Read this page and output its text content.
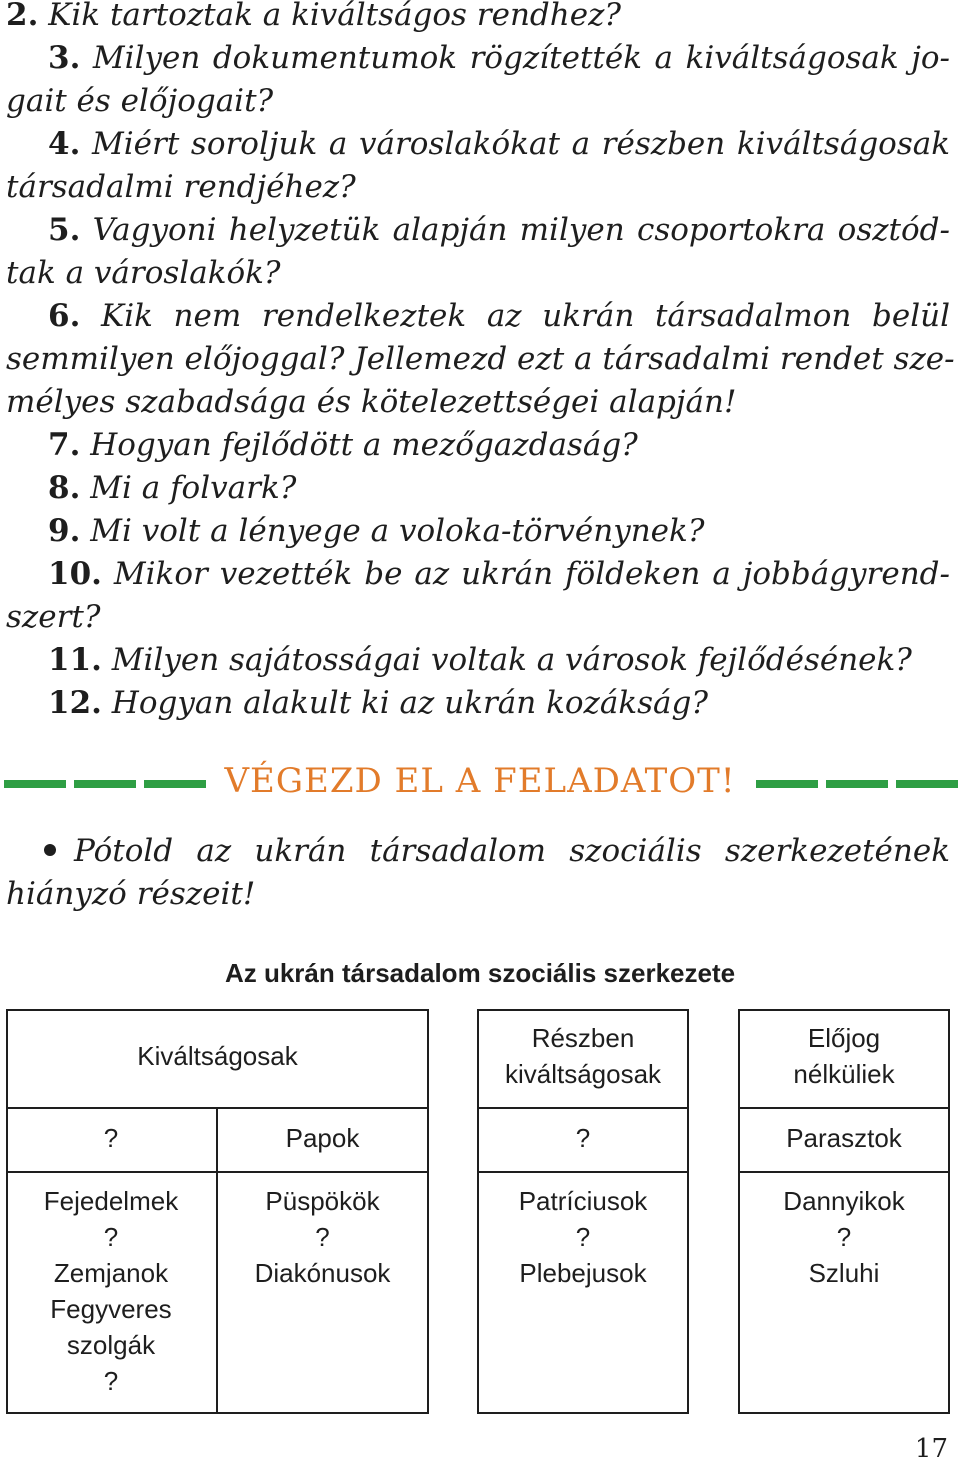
2. Kik tartoztak a kiváltságos rendhez?
3. Milyen dokumentumok rögzítették a kiváltságosak jo-
gait és előjogait?
4. Miért soroljuk a városlakókat a részben kiváltságosak
társadalmi rendjéhez?
5. Vagyoni helyzetük alapján milyen csoportokra osztód-
tak a városlakók?
6. Kik nem rendelkeztek az ukrán társadalmon belül
semmilyen előjoggal? Jellemezd ezt a társadalmi rendet sze-
mélyes szabadsága és kötelezettségei alapján!
7. Hogyan fejlődött a mezőgazdaság?
8. Mi a folvark?
9. Mi volt a lényege a voloka-törvénynek?
10. Mikor vezették be az ukrán földeken a jobbágyrend-
szert?
11. Milyen sajátosságai voltak a városok fejlődésének?
12. Hogyan alakult ki az ukrán kozákság?
VÉGEZD EL A FELADATOT!
Pótold az ukrán társadalom szociális szerkezetének
hiányzó részeit!
Az ukrán társadalom szociális szerkezete
Kiváltságosak
?	Papok
Fejedelmek
?
Zemjanok
Fegyveres
szolgák
?
Püspökök
?
Diakónusok
Részben
kiváltságosak
?
Patríciusok
?
Plebejusok
Előjog
nélküliek
Parasztok
Dannyikok
?
Szluhi
17
